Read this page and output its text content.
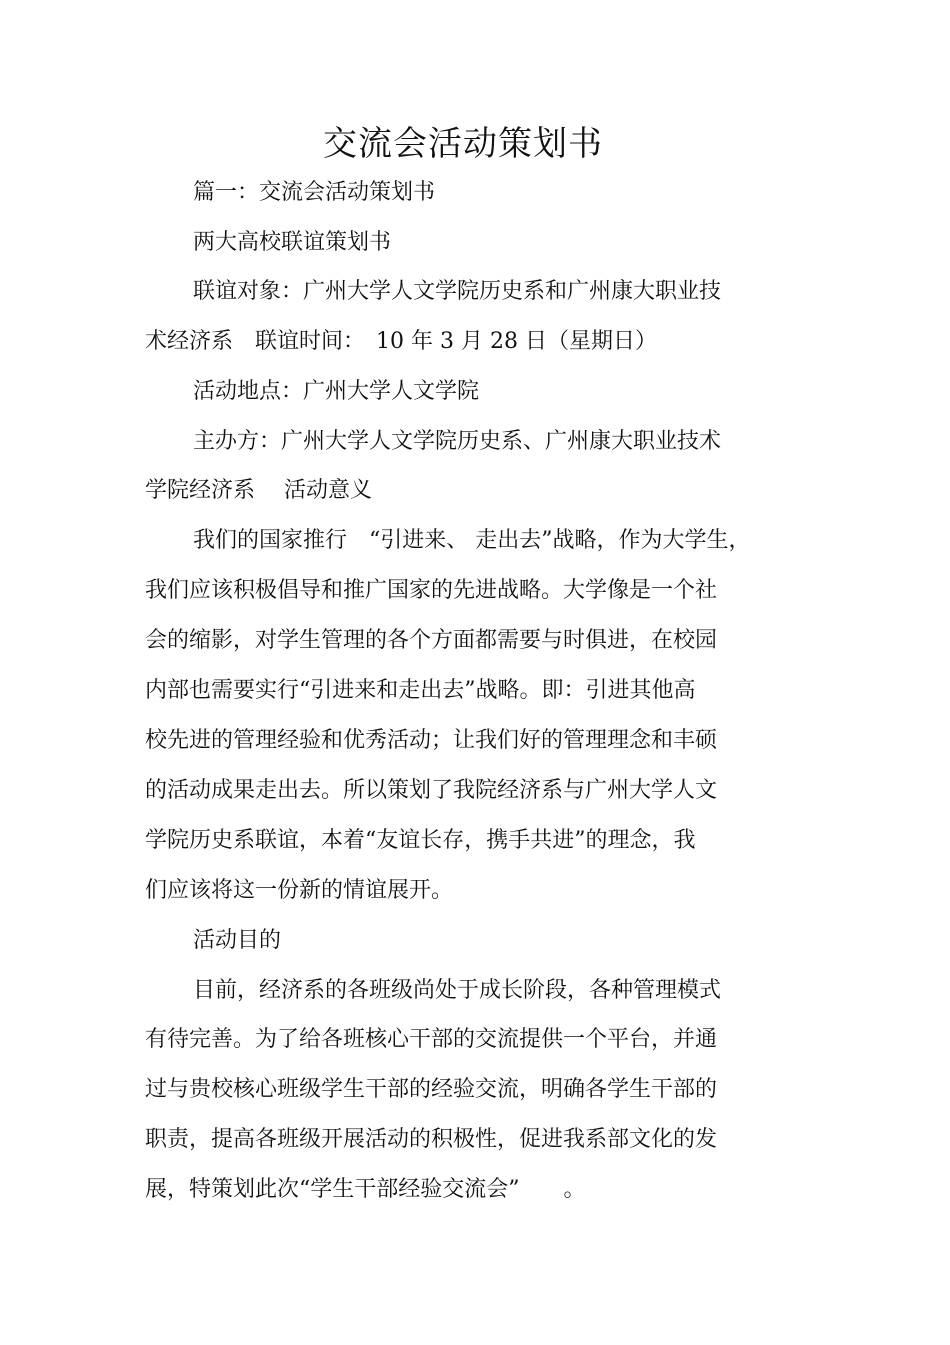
交流会活动策划书

篇一：交流会活动策划书

两大高校联谊策划书

联谊对象：广州大学人文学院历史系和广州康大职业技

术经济系　联谊时间：　10 年 3 月 28 日（星期日）

活动地点：广州大学人文学院

主办方：广州大学人文学院历史系、广州康大职业技术

学院经济系　 活动意义

我们的国家推行　“引进来、 走出去”战略，作为大学生，

我们应该积极倡导和推广国家的先进战略。大学像是一个社

会的缩影，对学生管理的各个方面都需要与时俱进，在校园

内部也需要实行“引进来和走出去”战略。即：引进其他高

校先进的管理经验和优秀活动；让我们好的管理理念和丰硕

的活动成果走出去。所以策划了我院经济系与广州大学人文

学院历史系联谊，本着“友谊长存，携手共进”的理念，我

们应该将这一份新的情谊展开。

活动目的

目前，经济系的各班级尚处于成长阶段，各种管理模式

有待完善。为了给各班核心干部的交流提供一个平台，并通

过与贵校核心班级学生干部的经验交流，明确各学生干部的

职责，提高各班级开展活动的积极性，促进我系部文化的发

展，特策划此次“学生干部经验交流会”　　。
